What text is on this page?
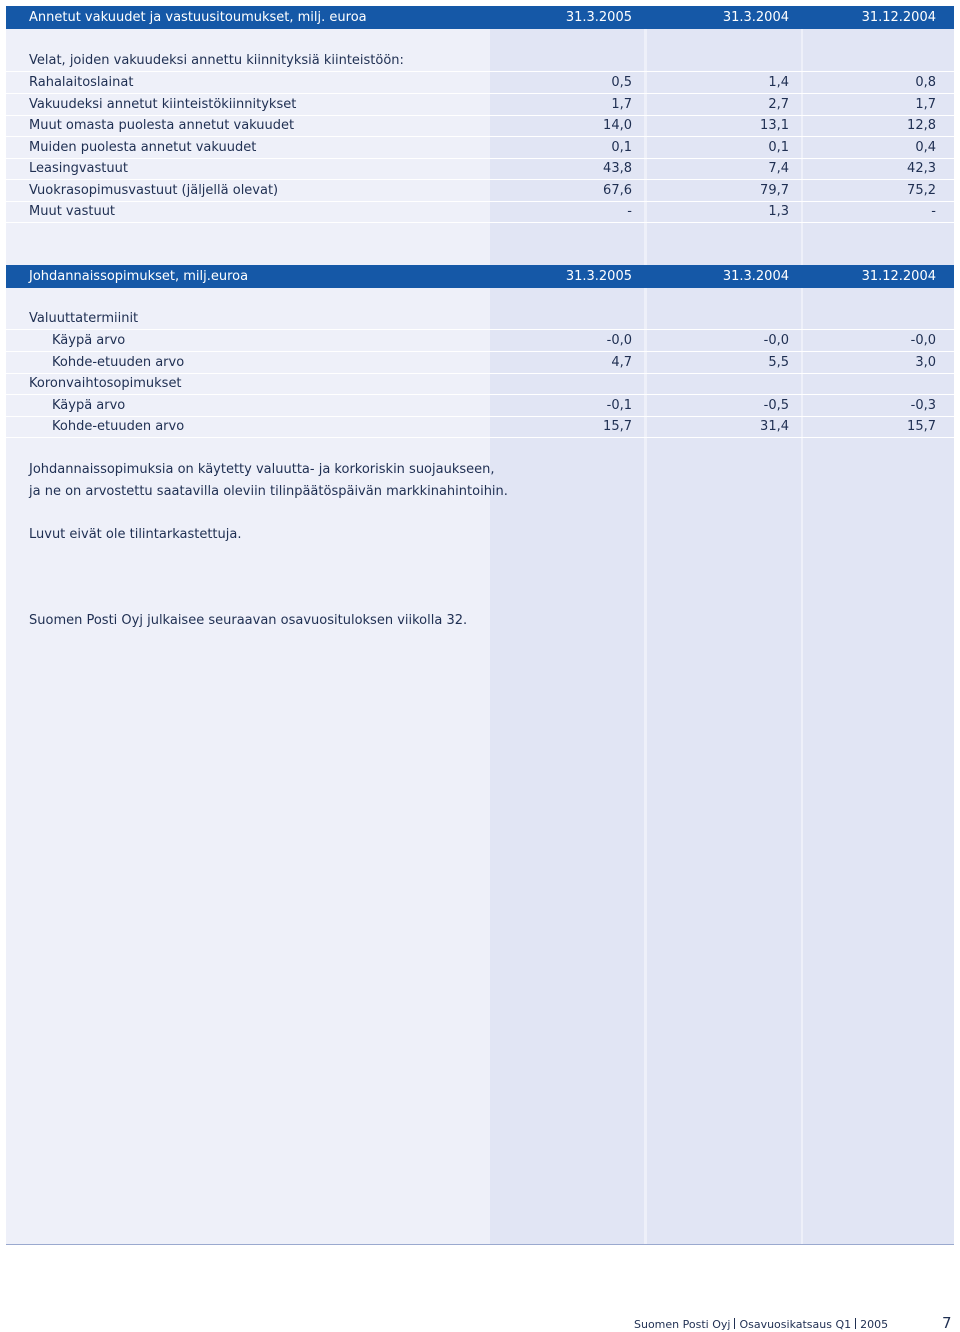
Annetut vakuudet ja vastuusitoumukset, milj. euroa	31.3.2005	31.3.2004	31.12.2004
Velat, joiden vakuudeksi annettu kiinnityksiä kiinteistöön:
Rahalaitoslainat	0,5	1,4	0,8
Vakuudeksi annetut kiinteistökiinnitykset	1,7	2,7	1,7
Muut omasta puolesta annetut vakuudet	14,0	13,1	12,8
Muiden puolesta annetut vakuudet	0,1	0,1	0,4
Leasingvastuut	43,8	7,4	42,3
Vuokrasopimusvastuut (jäljellä olevat)	67,6	79,7	75,2
Muut vastuut	-	1,3	-
Johdannaissopimukset, milj.euroa	31.3.2005	31.3.2004	31.12.2004
Valuuttatermiinit
Käypä arvo	-0,0	-0,0	-0,0
Kohde-etuuden arvo	4,7	5,5	3,0
Koronvaihtosopimukset
Käypä arvo	-0,1	-0,5	-0,3
Kohde-etuuden arvo	15,7	31,4	15,7
Johdannaissopimuksia on käytetty valuutta- ja korkoriskin suojaukseen,
ja ne on arvostettu saatavilla oleviin tilinpäätöspäivän markkinahintoihin.
Luvut eivät ole tilintarkastettuja.
Suomen Posti Oyj julkaisee seuraavan osavuosituloksen viikolla 32.
Suomen Posti Oyj Osavuosikatsaus Q1 2005	7
